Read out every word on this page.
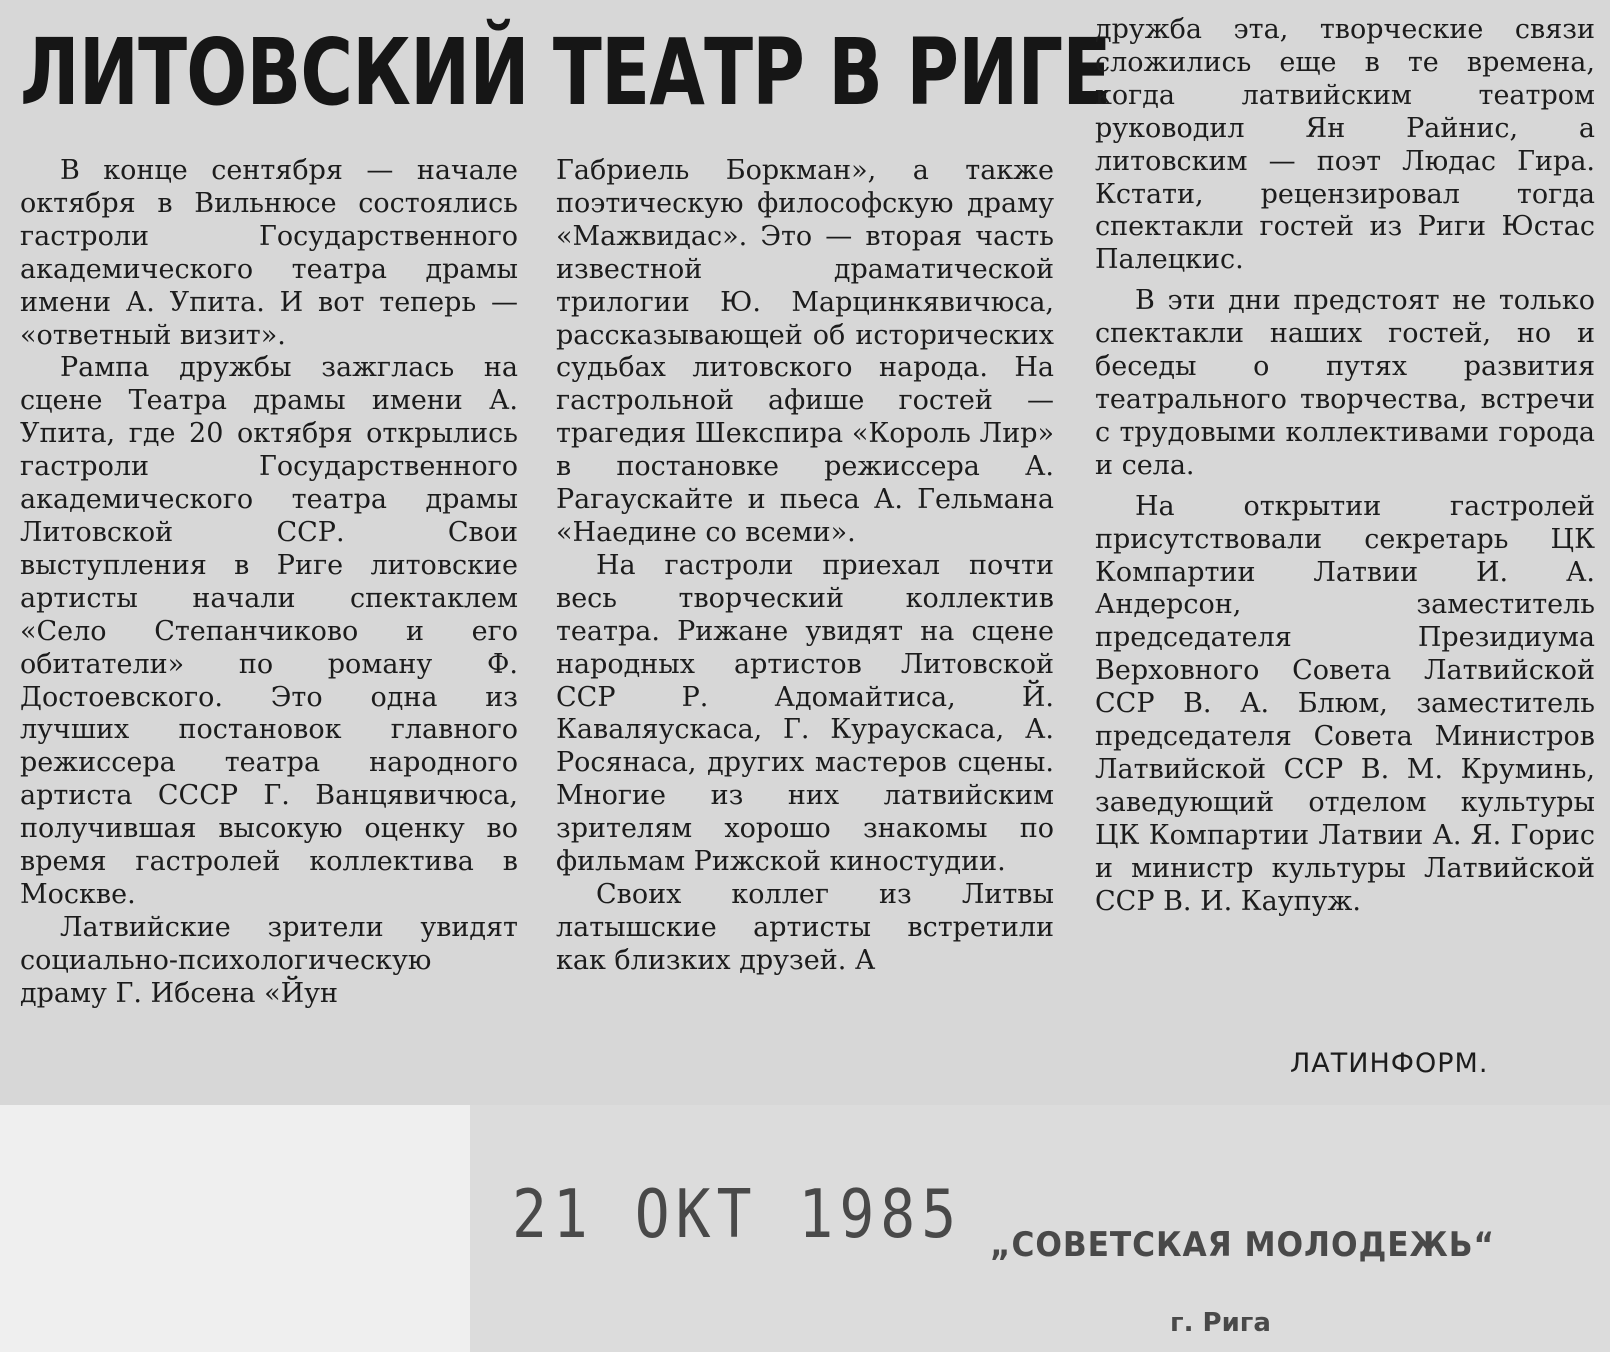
ЛИТОВСКИЙ ТЕАТР В РИГЕ

В конце сентября — начале октября в Вильнюсе состоялись гастроли Государственного академического театра драмы имени А. Упита. И вот теперь — «ответный визит».

Рампа дружбы зажглась на сцене Театра драмы имени А. Упита, где 20 октября открылись гастроли Государственного академического театра драмы Литовской ССР. Свои выступления в Риге литовские артисты начали спектаклем «Село Степанчиково и его обитатели» по роману Ф. Достоевского. Это одна из лучших постановок главного режиссера театра народного артиста СССР Г. Ванцявичюса, получившая высокую оценку во время гастролей коллектива в Москве.

Латвийские зрители увидят социально-психологическую драму Г. Ибсена «Йун

Габриель Боркман», а также поэтическую философскую драму «Мажвидас». Это — вторая часть известной драматической трилогии Ю. Марцинкявичюса, рассказывающей об исторических судьбах литовского народа. На гастрольной афише гостей — трагедия Шекспира «Король Лир» в постановке режиссера А. Рагаускайте и пьеса А. Гельмана «Наедине со всеми».

На гастроли приехал почти весь творческий коллектив театра. Рижане увидят на сцене народных артистов Литовской ССР Р. Адомайтиса, Й. Каваляускаса, Г. Кураускаса, А. Росянаса, других мастеров сцены. Многие из них латвийским зрителям хорошо знакомы по фильмам Рижской киностудии.

Своих коллег из Литвы латышские артисты встретили как близких друзей. А

дружба эта, творческие связи сложились еще в те времена, когда латвийским театром руководил Ян Райнис, а литовским — поэт Людас Гира. Кстати, рецензировал тогда спектакли гостей из Риги Юстас Палецкис.

В эти дни предстоят не только спектакли наших гостей, но и беседы о путях развития театрального творчества, встречи с трудовыми коллективами города и села.

На открытии гастролей присутствовали секретарь ЦК Компартии Латвии И. А. Андерсон, заместитель председателя Президиума Верховного Совета Латвийской ССР В. А. Блюм, заместитель председателя Совета Министров Латвийской ССР В. М. Круминь, заведующий отделом культуры ЦК Компартии Латвии А. Я. Горис и министр культуры Латвийской ССР В. И. Каупуж.

ЛАТИНФОРМ.
21 OKT 1985 „СОВЕТСКАЯ МОЛОДЕЖЬ“
г. Рига
